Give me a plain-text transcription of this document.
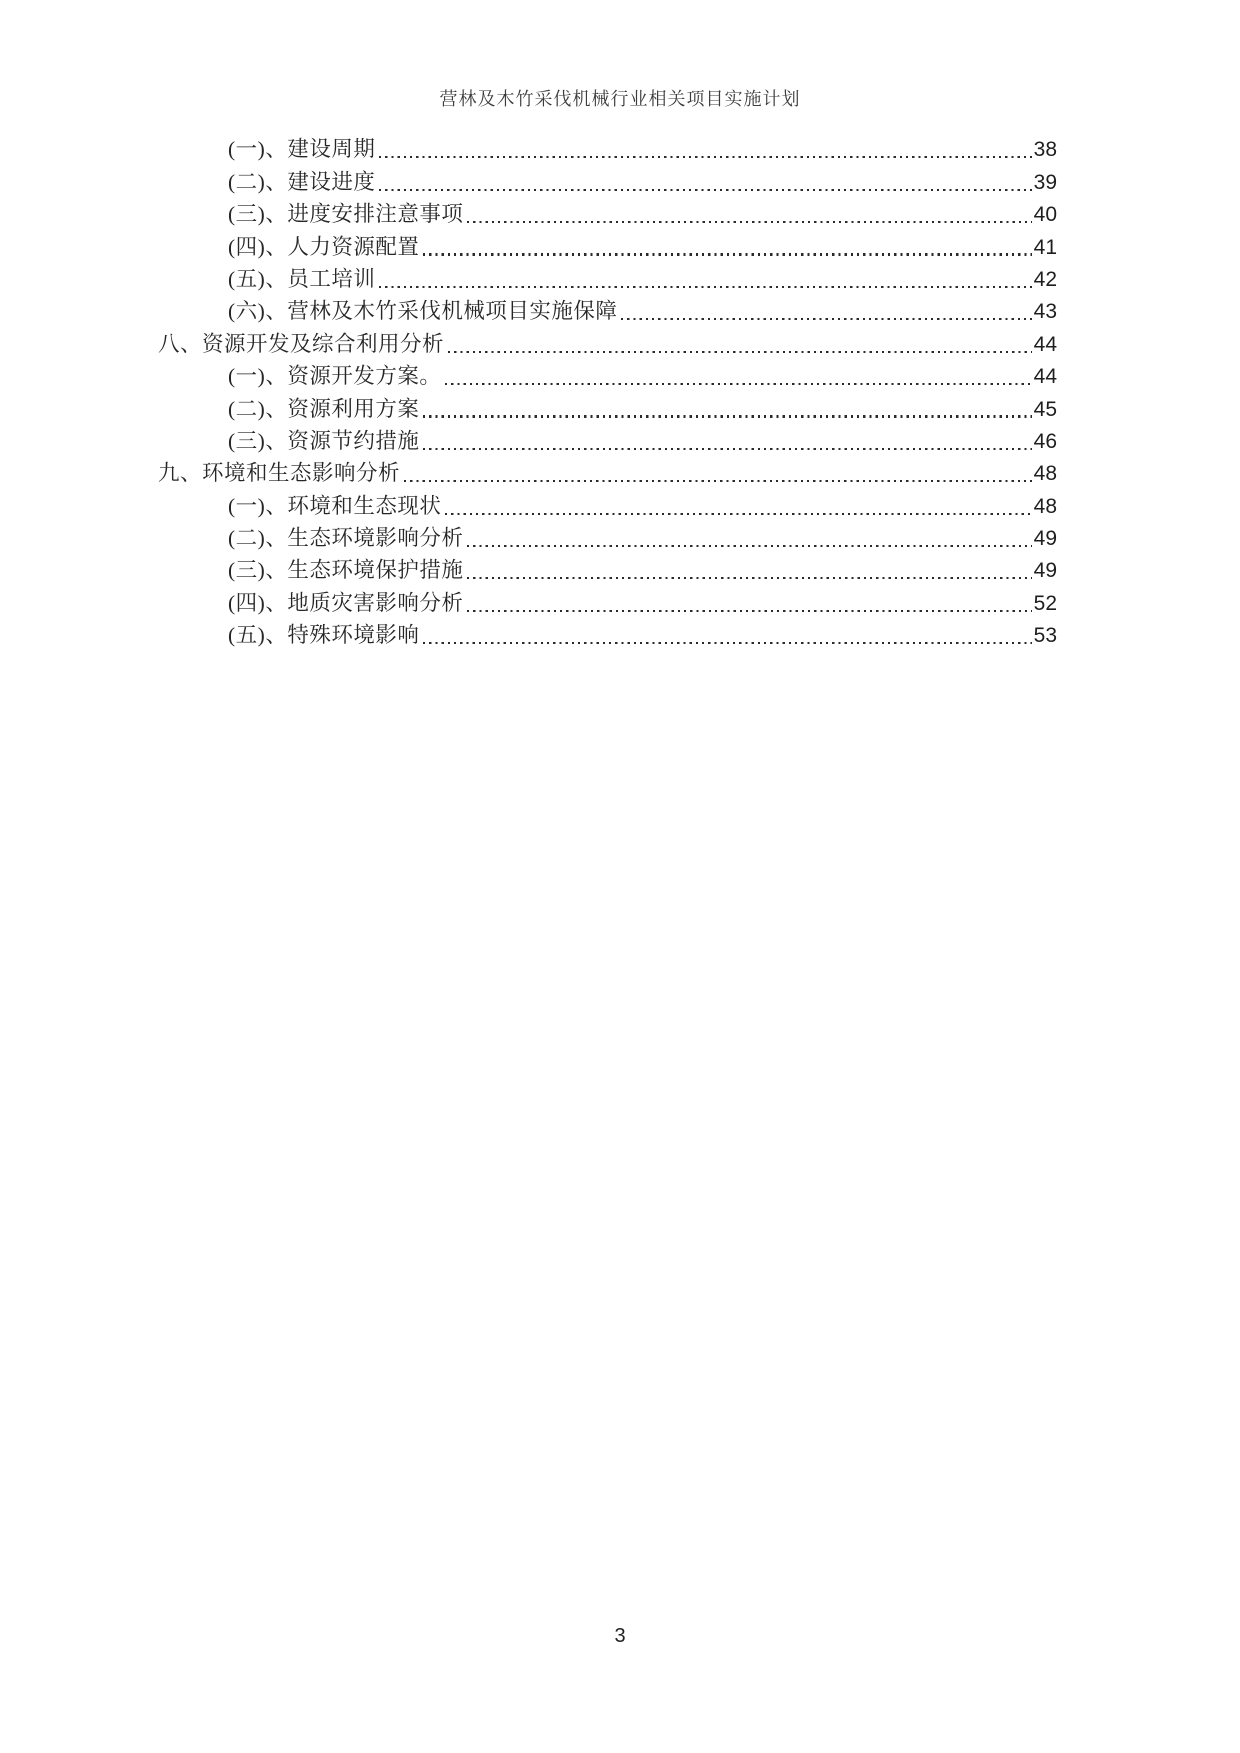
营林及木竹采伐机械行业相关项目实施计划
(一)、建设周期	38
(二)、建设进度	39
(三)、进度安排注意事项	40
(四)、人力资源配置	41
(五)、员工培训	42
(六)、营林及木竹采伐机械项目实施保障	43
八、资源开发及综合利用分析	44
(一)、资源开发方案。	44
(二)、资源利用方案	45
(三)、资源节约措施	46
九、环境和生态影响分析	48
(一)、环境和生态现状	48
(二)、生态环境影响分析	49
(三)、生态环境保护措施	49
(四)、地质灾害影响分析	52
(五)、特殊环境影响	53
3
